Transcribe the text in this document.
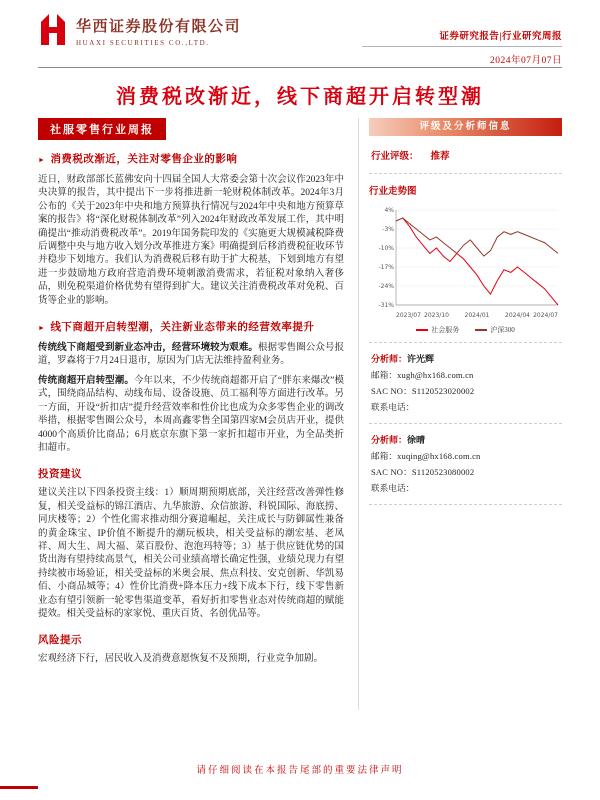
华西证券股份有限公司
HUAXI SECURITIES CO.,LTD.
证券研究报告|行业研究周报
2024年07月07日
消费税改渐近，线下商超开启转型潮
社服零售行业周报
► 消费税改渐近，关注对零售企业的影响

近日，财政部部长蓝佛安向十四届全国人大常委会第十次会议作2023年中央决算的报告，其中提出下一步将推进新一轮财税体制改革。2024年3月公布的《关于2023年中央和地方预算执行情况与2024年中央和地方预算草案的报告》将“深化财税体制改革”列入2024年财政改革发展工作，其中明确提出“推动消费税改革”。2019年国务院印发的《实施更大规模减税降费后调整中央与地方收入划分改革推进方案》明确提到后移消费税征收环节并稳步下划地方。我们认为消费税后移有助于扩大税基，下划到地方有望进一步鼓励地方政府营造消费环境刺激消费需求，若征税对象纳入奢侈品，则免税渠道价格优势有望得到扩大。建议关注消费税改革对免税、百货等企业的影响。

► 线下商超开启转型潮，关注新业态带来的经营效率提升

传统线下商超受到新业态冲击，经营环境较为艰难。根据零售圈公众号报道，罗森将于7月24日退市，原因为门店无法维持盈利业务。

传统商超开启转型潮。今年以来，不少传统商超都开启了“胖东来爆改”模式，围绕商品结构、动线布局、设备设施、员工福利等方面进行改革。另一方面，开设“折扣店”提升经营效率和性价比也成为众多零售企业的调改举措，根据零售圈公众号，本周高鑫零售全国第四家M会员店开业，提供4000个高质价比商品；6月底京东旗下第一家折扣超市开业，为全品类折扣超市。

投资建议

建议关注以下四条投资主线：1）顺周期预期底部，关注经营改善弹性修复，相关受益标的锦江酒店、九华旅游、众信旅游、科锐国际、海底捞、同庆楼等；2）个性化需求推动细分赛道崛起，关注成长与防御属性兼备的黄金珠宝、IP价值不断提升的潮玩板块，相关受益标的潮宏基、老凤祥、周大生、周大福、菜百股份、泡泡玛特等；3）基于供应链优势的国货出海有望持续高景气，相关公司业绩高增长确定性强，业绩兑现力有望持续被市场验证，相关受益标的米奥会展、焦点科技、安克创新、华凯易佰、小商品城等；4）性价比消费+降本压力+线下成本下行，线下零售新业态有望引领新一轮零售渠道变革，看好折扣零售业态对传统商超的赋能提效。相关受益标的家家悦、重庆百货、名创优品等。

风险提示

宏观经济下行，居民收入及消费意愿恢复不及预期，行业竞争加剧。

评级及分析师信息
行业评级： 推荐
行业走势图
4%
-3%
-10%
-17%
-24%
-31%
2023/07 2023/10	2024/01	2024/04 2024/07
社会服务	沪深300
分析师：许光辉
邮箱：xugh@hx168.com.cn
SAC NO：S1120523020002
联系电话：
分析师：徐晴
邮箱：xuqing@hx168.com.cn
SAC NO：S1120523080002
联系电话：
请仔细阅读在本报告尾部的重要法律声明
